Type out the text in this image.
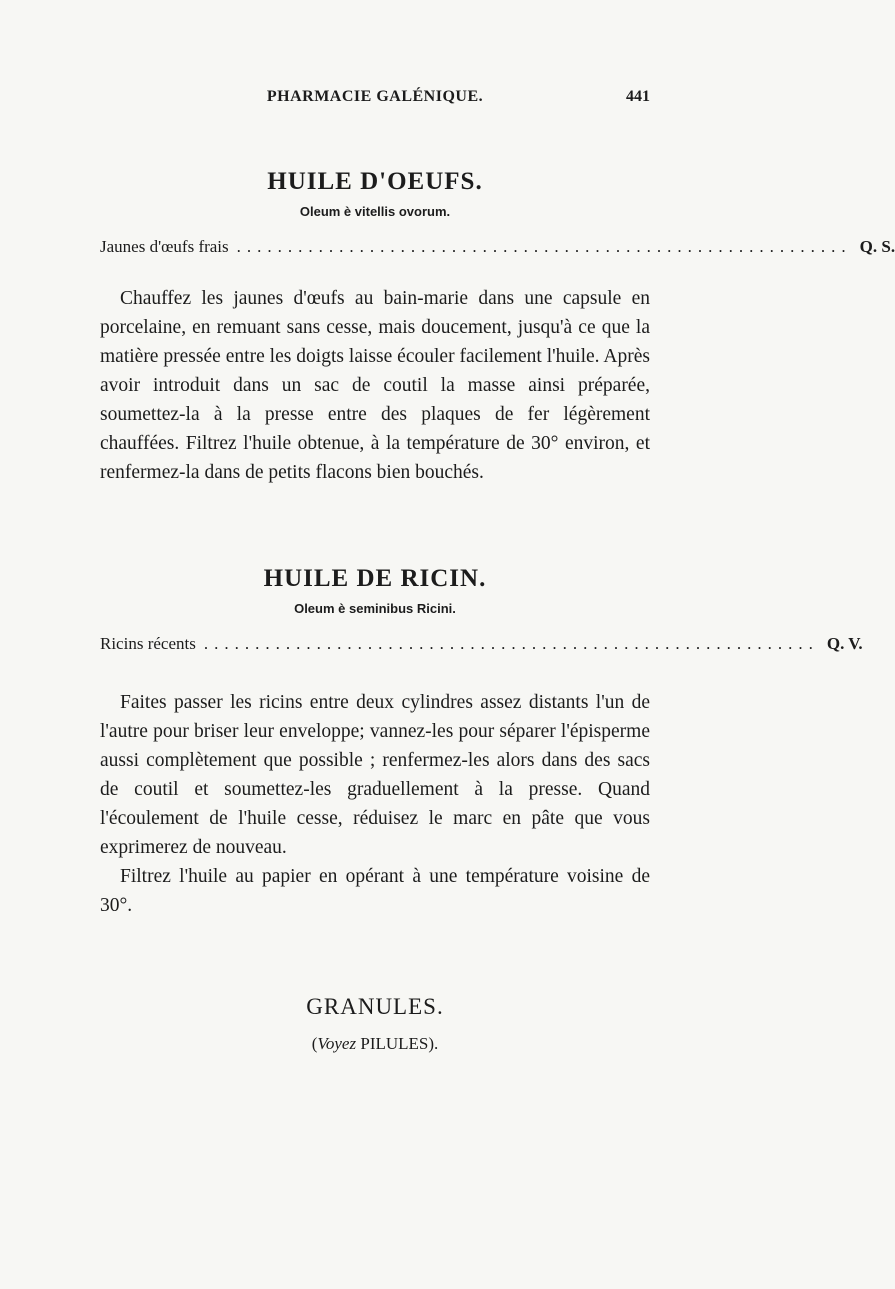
PHARMACIE GALÉNIQUE.	441
HUILE D'OEUFS.
Oleum è vitellis ovorum.
Jaunes d'œufs frais ............................................................ Q. S.

Chauffez les jaunes d'œufs au bain-marie dans une capsule en porcelaine, en remuant sans cesse, mais doucement, jusqu'à ce que la matière pressée entre les doigts laisse écouler facilement l'huile. Après avoir introduit dans un sac de coutil la masse ainsi préparée, soumettez-la à la presse entre des plaques de fer légèrement chauffées. Filtrez l'huile obtenue, à la température de 30° environ, et renfermez-la dans de petits flacons bien bouchés.

HUILE DE RICIN.
Oleum è seminibus Ricini.
Ricins récents ............................................................ Q. V.

Faites passer les ricins entre deux cylindres assez distants l'un de l'autre pour briser leur enveloppe; vannez-les pour séparer l'épisperme aussi complètement que possible ; renfermez-les alors dans des sacs de coutil et soumettez-les graduellement à la presse. Quand l'écoulement de l'huile cesse, réduisez le marc en pâte que vous exprimerez de nouveau.

Filtrez l'huile au papier en opérant à une température voisine de 30°.

GRANULES.
(Voyez PILULES).
